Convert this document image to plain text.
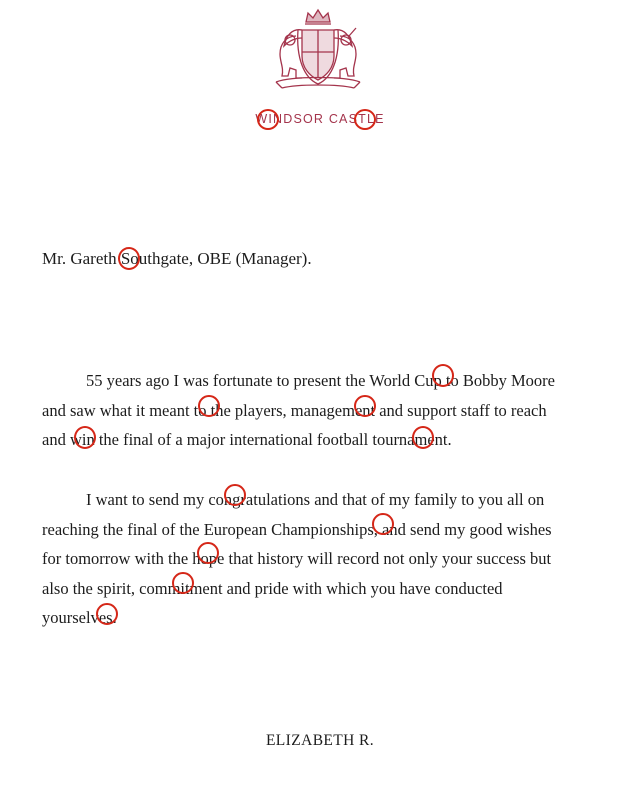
WINDSOR CASTLE

Mr. Gareth Southgate, OBE (Manager).

55 years ago I was fortunate to present the World Cup to Bobby Moore
and saw what it meant to the players, management and support staff to reach
and win the final of a major international football tournament.
I want to send my congratulations and that of my family to you all on
reaching the final of the European Championships, and send my good wishes
for tomorrow with the hope that history will record not only your success but
also the spirit, commitment and pride with which you have conducted
yourselves.
ELIZABETH R.
